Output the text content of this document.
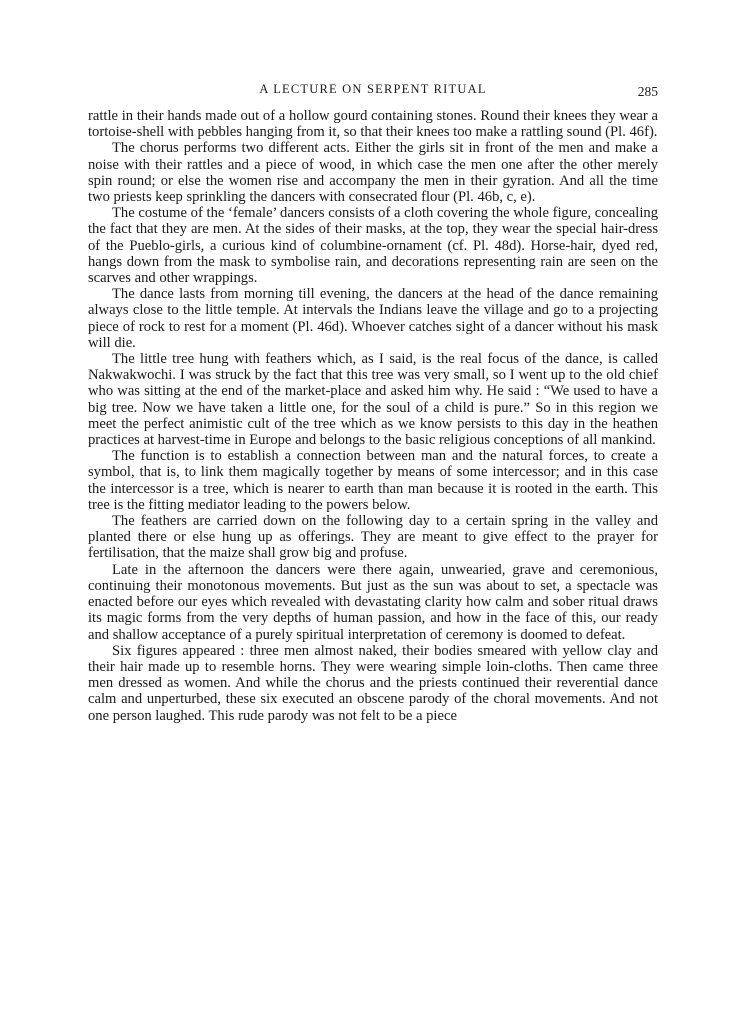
A LECTURE ON SERPENT RITUAL	285

rattle in their hands made out of a hollow gourd containing stones. Round their knees they wear a tortoise-shell with pebbles hanging from it, so that their knees too make a rattling sound (Pl. 46f).

The chorus performs two different acts. Either the girls sit in front of the men and make a noise with their rattles and a piece of wood, in which case the men one after the other merely spin round; or else the women rise and accompany the men in their gyration. And all the time two priests keep sprinkling the dancers with consecrated flour (Pl. 46b, c, e).

The costume of the ‘female’ dancers consists of a cloth covering the whole figure, concealing the fact that they are men. At the sides of their masks, at the top, they wear the special hair-dress of the Pueblo-girls, a curious kind of columbine-ornament (cf. Pl. 48d). Horse-hair, dyed red, hangs down from the mask to symbolise rain, and decorations representing rain are seen on the scarves and other wrappings.

The dance lasts from morning till evening, the dancers at the head of the dance remaining always close to the little temple. At intervals the Indians leave the village and go to a projecting piece of rock to rest for a moment (Pl. 46d). Whoever catches sight of a dancer without his mask will die.

The little tree hung with feathers which, as I said, is the real focus of the dance, is called Nakwakwochi. I was struck by the fact that this tree was very small, so I went up to the old chief who was sitting at the end of the market-place and asked him why. He said : “We used to have a big tree. Now we have taken a little one, for the soul of a child is pure.” So in this region we meet the perfect animistic cult of the tree which as we know persists to this day in the heathen practices at harvest-time in Europe and belongs to the basic religious conceptions of all mankind.

The function is to establish a connection between man and the natural forces, to create a symbol, that is, to link them magically together by means of some intercessor; and in this case the intercessor is a tree, which is nearer to earth than man because it is rooted in the earth. This tree is the fitting mediator leading to the powers below.

The feathers are carried down on the following day to a certain spring in the valley and planted there or else hung up as offerings. They are meant to give effect to the prayer for fertilisation, that the maize shall grow big and profuse.

Late in the afternoon the dancers were there again, unwearied, grave and ceremonious, continuing their monotonous movements. But just as the sun was about to set, a spectacle was enacted before our eyes which revealed with devastating clarity how calm and sober ritual draws its magic forms from the very depths of human passion, and how in the face of this, our ready and shallow acceptance of a purely spiritual interpretation of ceremony is doomed to defeat.

Six figures appeared : three men almost naked, their bodies smeared with yellow clay and their hair made up to resemble horns. They were wearing simple loin-cloths. Then came three men dressed as women. And while the chorus and the priests continued their reverential dance calm and unperturbed, these six executed an obscene parody of the choral movements. And not one person laughed. This rude parody was not felt to be a piece
